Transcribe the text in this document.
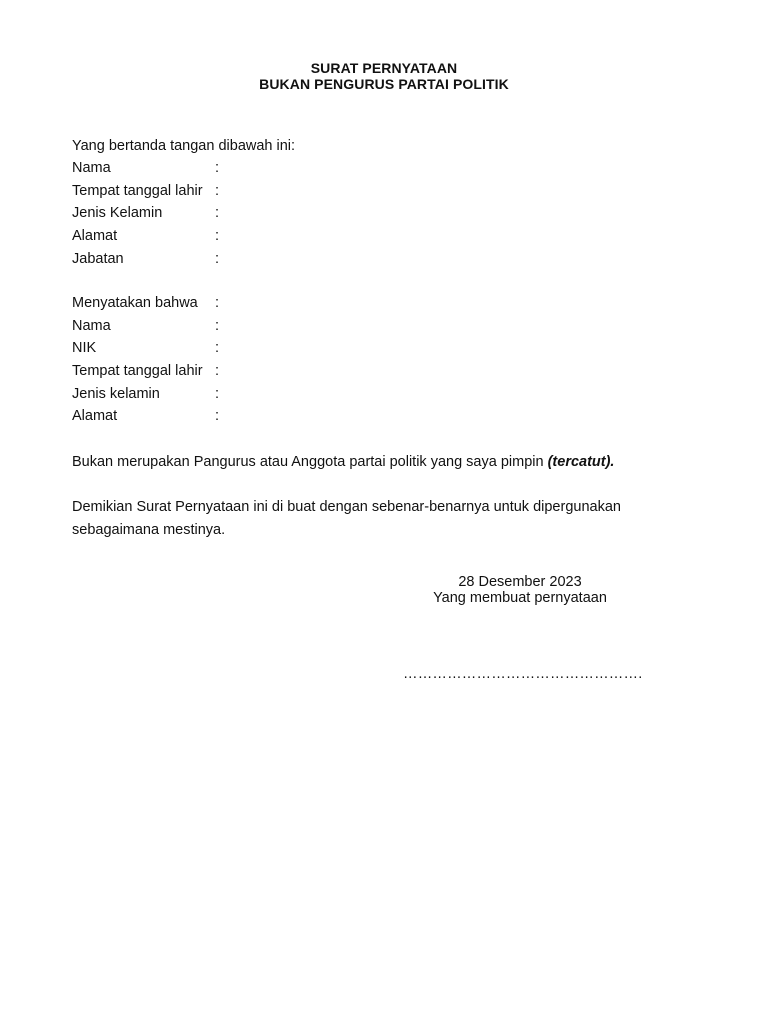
SURAT PERNYATAAN
BUKAN PENGURUS PARTAI POLITIK
Yang bertanda tangan dibawah ini:
Nama	:
Tempat tanggal lahir :
Jenis Kelamin	:
Alamat	:
Jabatan	:
Menyatakan bahwa :
Nama	:
NIK	:
Tempat tanggal lahir :
Jenis kelamin	:
Alamat	:
Bukan merupakan Pangurus atau Anggota partai politik yang saya pimpin (tercatut).
Demikian Surat Pernyataan ini di buat dengan sebenar-benarnya untuk dipergunakan
sebagaimana mestinya.
28 Desember 2023
Yang membuat pernyataan
………………………………………….
